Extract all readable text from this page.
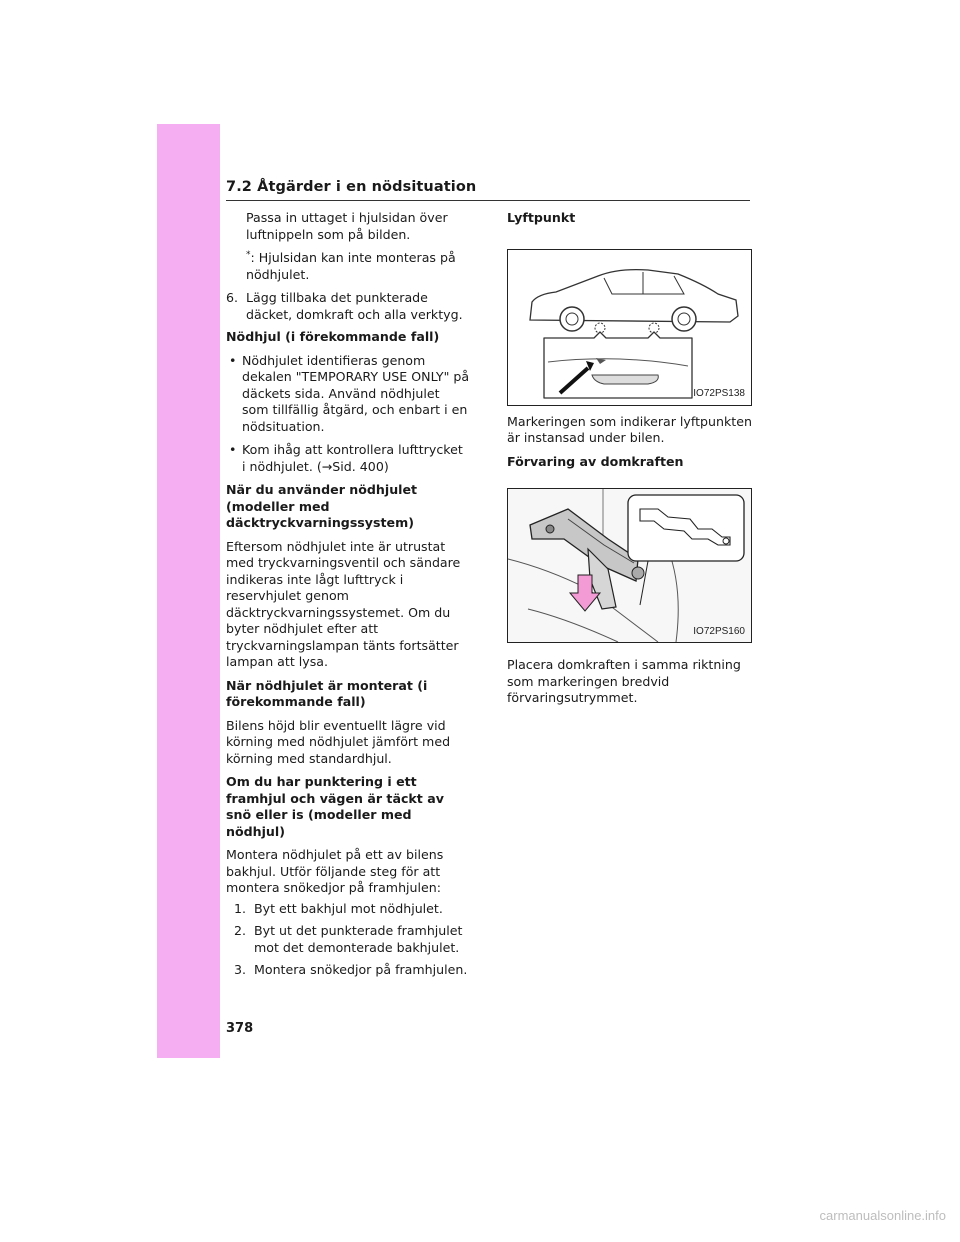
7.2 Åtgärder i en nödsituation

Passa in uttaget i hjulsidan över luftnippeln som på bilden.

*: Hjulsidan kan inte monteras på nödhjulet.

6. Lägg tillbaka det punkterade däcket, domkraft och alla verktyg.

Nödhjul (i förekommande fall)

• Nödhjulet identifieras genom dekalen "TEMPORARY USE ONLY" på däckets sida. Använd nödhjulet som tillfällig åtgärd, och enbart i en nödsituation.
• Kom ihåg att kontrollera lufttrycket i nödhjulet. (→Sid. 400)

När du använder nödhjulet (modeller med däcktryckvarningssystem)

Eftersom nödhjulet inte är utrustat med tryckvarningsventil och sändare indikeras inte lågt lufttryck i reservhjulet genom däcktryckvarningssystemet. Om du byter nödhjulet efter att tryckvarningslampan tänts fortsätter lampan att lysa.

När nödhjulet är monterat (i förekommande fall)

Bilens höjd blir eventuellt lägre vid körning med nödhjulet jämfört med körning med standardhjul.

Om du har punktering i ett framhjul och vägen är täckt av snö eller is (modeller med nödhjul)

Montera nödhjulet på ett av bilens bakhjul. Utför följande steg för att montera snökedjor på framhjulen:

1. Byt ett bakhjul mot nödhjulet.
2. Byt ut det punkterade framhjulet mot det demonterade bakhjulet.
3. Montera snökedjor på framhjulen.

Lyftpunkt

IO72PS138

Markeringen som indikerar lyftpunkten är instansad under bilen.

Förvaring av domkraften

IO72PS160

Placera domkraften i samma riktning som markeringen bredvid förvaringsutrymmet.

378
carmanualsonline.info
